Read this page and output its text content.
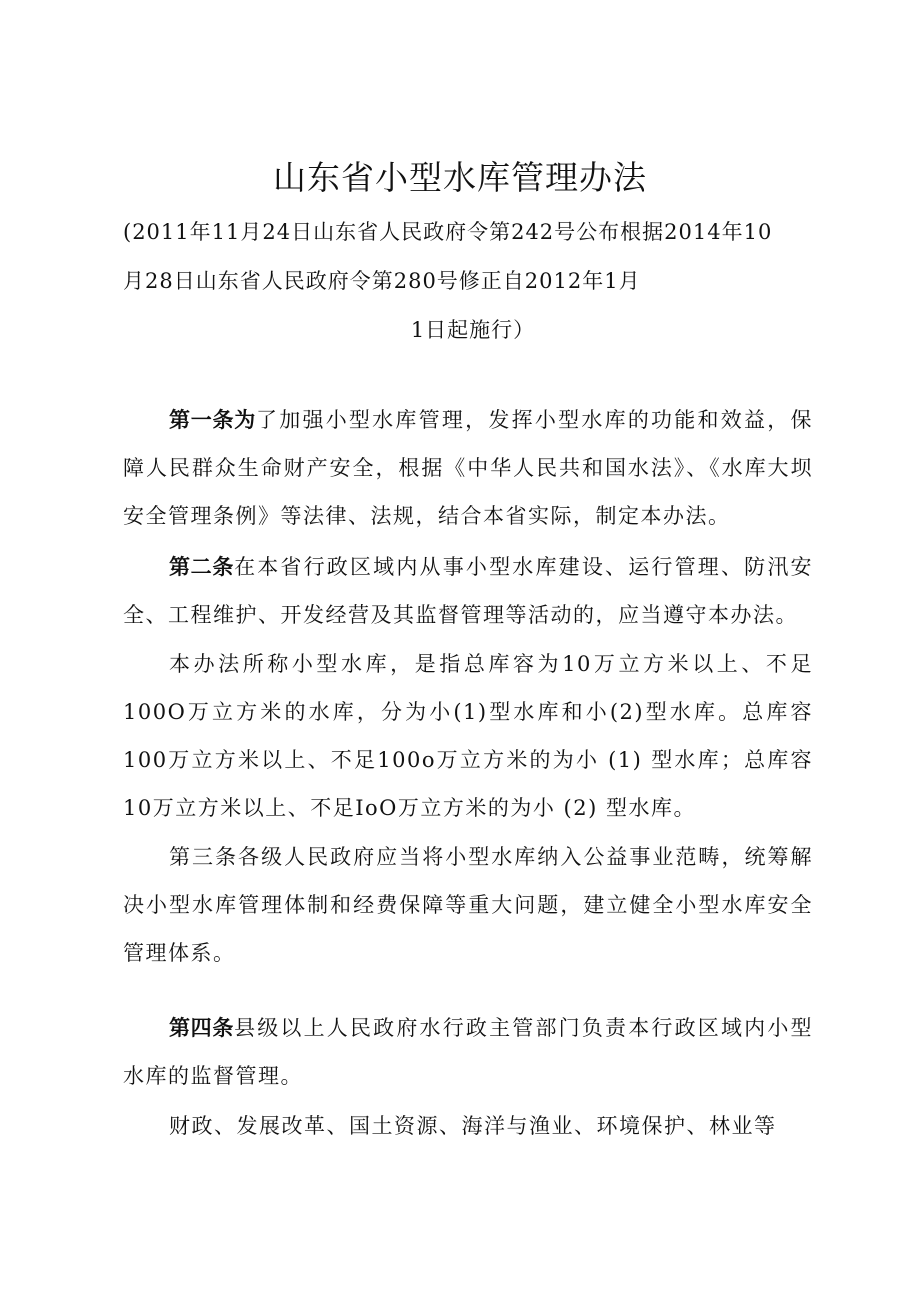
山东省小型水库管理办法
(2011年11月24日山东省人民政府令第242号公布根据2014年10
月28日山东省人民政府令第280号修正自2012年1月

1日起施行）

第一条为了加强小型水库管理，发挥小型水库的功能和效益，保障人民群众生命财产安全，根据《中华人民共和国水法》、《水库大坝安全管理条例》等法律、法规，结合本省实际，制定本办法。

第二条在本省行政区域内从事小型水库建设、运行管理、防汛安全、工程维护、开发经营及其监督管理等活动的，应当遵守本办法。

本办法所称小型水库，是指总库容为10万立方米以上、不足100O万立方米的水库，分为小(1)型水库和小(2)型水库。总库容100万立方米以上、不足100o万立方米的为小 (1) 型水库；总库容10万立方米以上、不足IoO万立方米的为小 (2) 型水库。

第三条各级人民政府应当将小型水库纳入公益事业范畴，统筹解决小型水库管理体制和经费保障等重大问题，建立健全小型水库安全管理体系。

第四条县级以上人民政府水行政主管部门负责本行政区域内小型水库的监督管理。

财政、发展改革、国土资源、海洋与渔业、环境保护、林业等
